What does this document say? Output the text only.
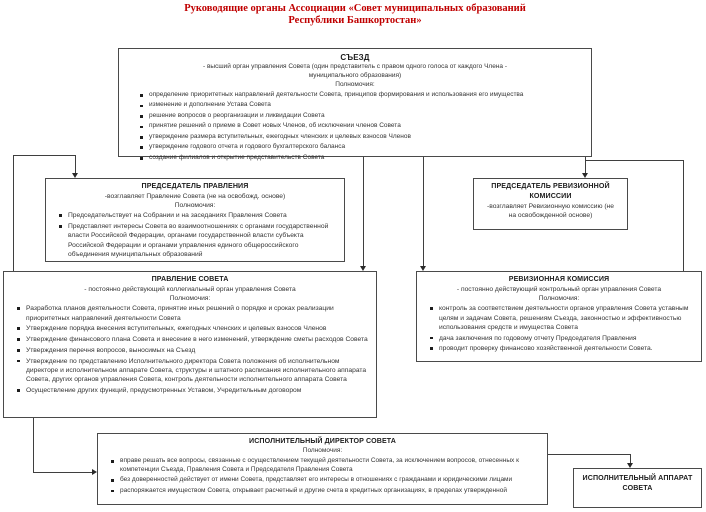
Руководящие органы Ассоциации «Совет муниципальных образований Республики Башкортостан»
СЪЕЗД
- высший орган управления Совета (один представитель с правом одного голоса от каждого Члена - муниципального образования)
Полномочия:
определение приоритетных направлений деятельности Совета, принципов формирования и использования его имущества
изменение и дополнение Устава Совета
решение вопросов о реорганизации и ликвидации Совета
принятие решений о приеме в Совет новых Членов, об исключении членов Совета
утверждение размера вступительных, ежегодных членских и целевых взносов Членов
утверждение годового отчета и годового бухгалтерского баланса
создание филиалов и открытие представительств Совета
ПРЕДСЕДАТЕЛЬ ПРАВЛЕНИЯ
-возглавляет Правление Совета (не на освобожд. основе)
Полномочия:
Председательствует на Собрании и на заседаниях Правления Совета
Представляет интересы Совета во взаимоотношениях с органами государственной власти Российской Федерации, органами государственной власти субъекта Российской Федерации и органами управления единого общероссийского объединения муниципальных образований
ПРЕДСЕДАТЕЛЬ РЕВИЗИОННОЙ КОМИССИИ
-возглавляет Ревизионную комиссию (не на освобожденной основе)
ПРАВЛЕНИЕ СОВЕТА
- постоянно действующий коллегиальный орган управления Совета
Полномочия:
Разработка планов деятельности Совета, принятие иных решений о порядке и сроках реализации приоритетных направлений деятельности Совета
Утверждение порядка внесения вступительных, ежегодных членских и целевых взносов Членов
Утверждение финансового плана Совета и внесение в него изменений, утверждение сметы расходов Совета
Утверждения перечня вопросов, выносимых на Съезд
Утверждение по представлению Исполнительного директора Совета положения об исполнительном директоре и исполнительном аппарате Совета, структуры и штатного расписания исполнительного аппарата Совета, других органов управления Совета, контроль деятельности исполнительного аппарата Совета
Осуществление других функций, предусмотренных Уставом, Учредительным договором
РЕВИЗИОННАЯ КОМИССИЯ
- постоянно действующий контрольный орган управления Совета
Полномочия:
контроль за соответствием деятельности органов управления Совета уставным целям и задачам Совета, решениям Съезда, законностью и эффективностью использования средств и имущества Совета
дача заключения по годовому отчету Председателя Правления
проводит проверку финансово хозяйственной деятельности Совета.
ИСПОЛНИТЕЛЬНЫЙ ДИРЕКТОР СОВЕТА
Полномочия:
вправе решать все вопросы, связанные с осуществлением текущей деятельности Совета, за исключением вопросов, отнесенных к компетенции Съезда, Правления Совета и Председателя Правления Совета
без доверенностей действует от имени Совета, представляет его интересы в отношениях с гражданами и юридическими лицами
распоряжается имуществом Совета, открывает расчетный и другие счета в кредитных организациях, в пределах утвержденной
ИСПОЛНИТЕЛЬНЫЙ АППАРАТ СОВЕТА
